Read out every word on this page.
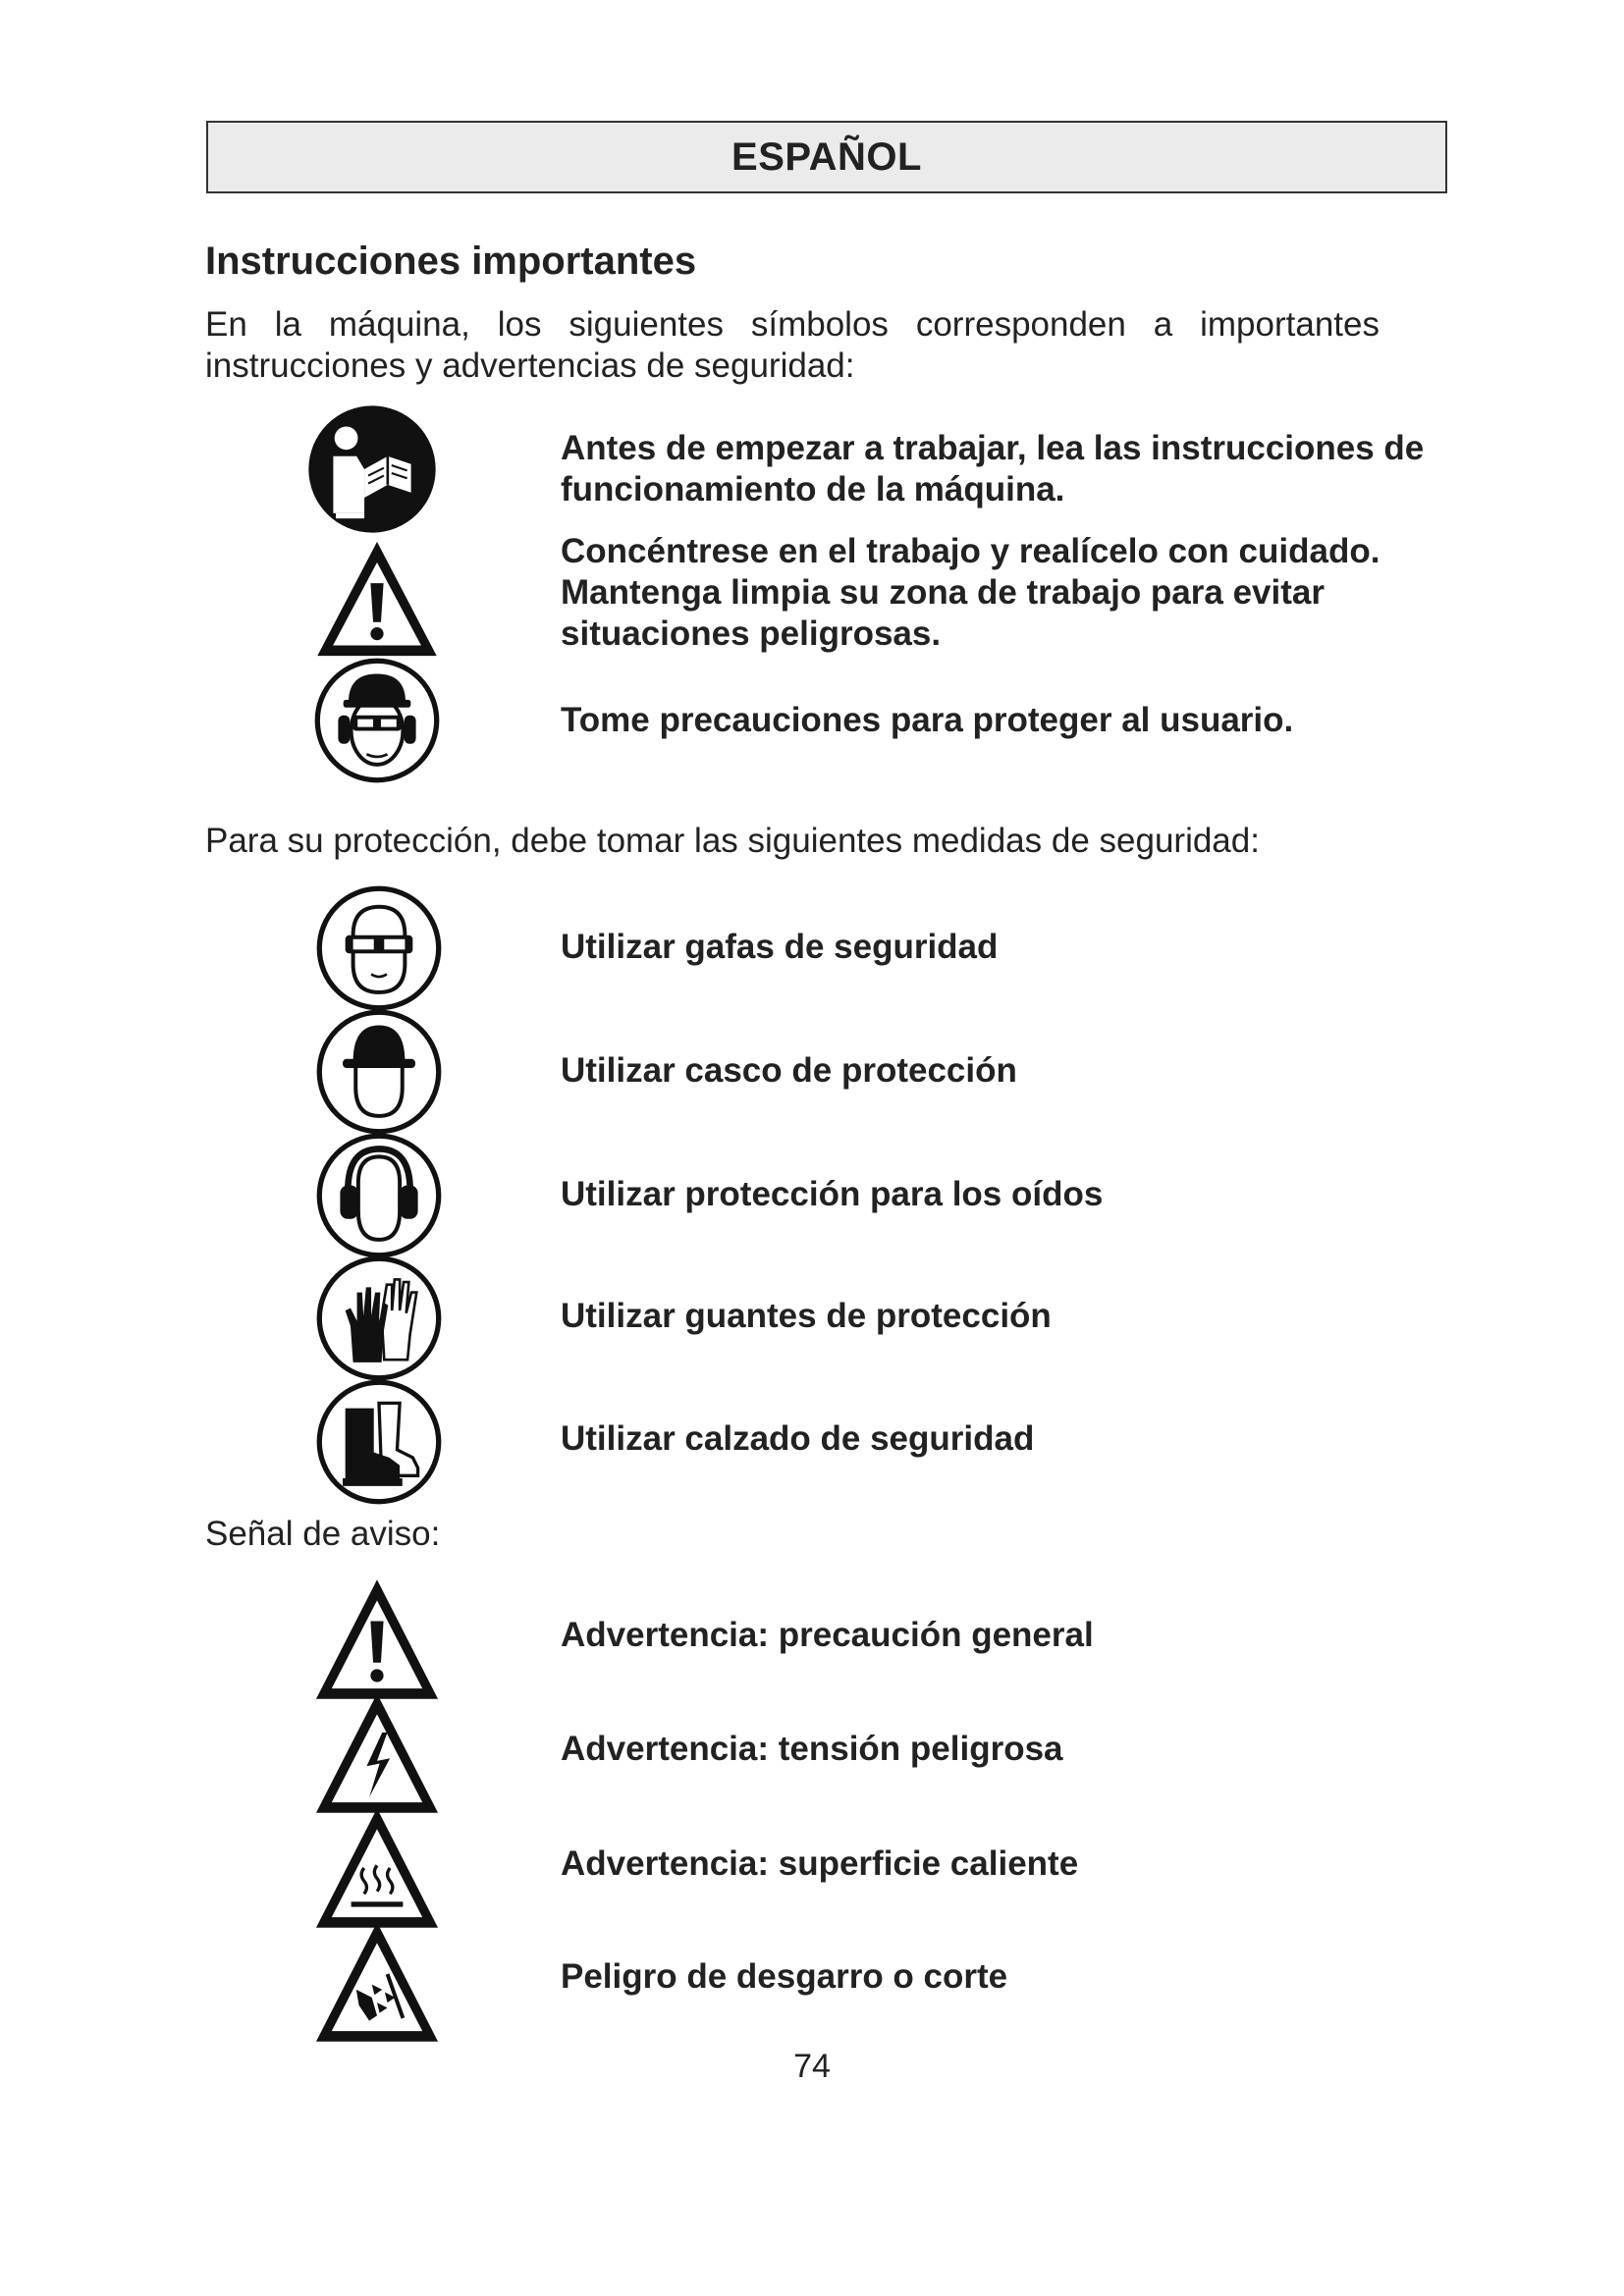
ESPAÑOL
Instrucciones importantes
En la máquina, los siguientes símbolos corresponden a importantes instrucciones y advertencias de seguridad:
Antes de empezar a trabajar, lea las instrucciones de funcionamiento de la máquina.
Concéntrese en el trabajo y realícelo con cuidado. Mantenga limpia su zona de trabajo para evitar situaciones peligrosas.
Tome precauciones para proteger al usuario.
Para su protección, debe tomar las siguientes medidas de seguridad:
Utilizar gafas de seguridad
Utilizar casco de protección
Utilizar protección para los oídos
Utilizar guantes de protección
Utilizar calzado de seguridad
Señal de aviso:
Advertencia: precaución general
Advertencia: tensión peligrosa
Advertencia: superficie caliente
Peligro de desgarro o corte
74
